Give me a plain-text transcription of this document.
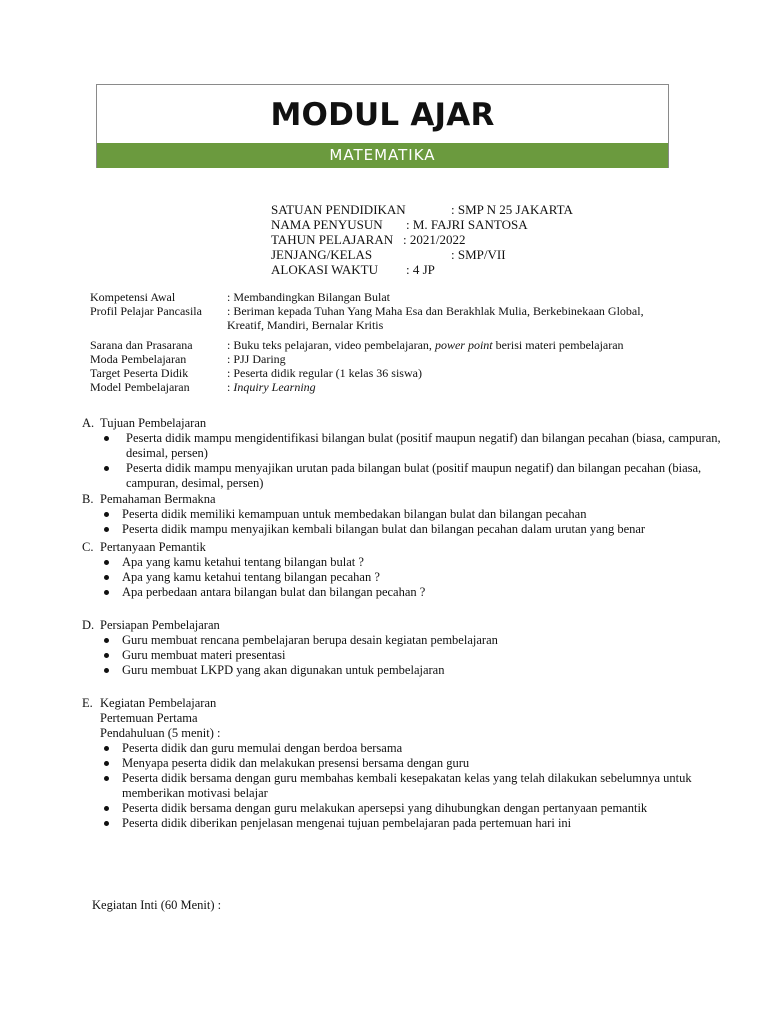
MODUL AJAR
MATEMATIKA
SATUAN PENDIDIKAN	: SMP N 25 JAKARTA
NAMA PENYUSUN : M. FAJRI SANTOSA
TAHUN PELAJARAN : 2021/2022
JENJANG/KELAS	: SMP/VII
ALOKASI WAKTU : 4 JP
Kompetensi Awal	: Membandingkan Bilangan Bulat
Profil Pelajar Pancasila	: Beriman kepada Tuhan Yang Maha Esa dan Berakhlak Mulia, Berkebinekaan Global,
Kreatif, Mandiri, Bernalar Kritis
Sarana dan Prasarana	: Buku teks pelajaran, video pembelajaran, power point berisi materi pembelajaran
Moda Pembelajaran	: PJJ Daring
Target Peserta Didik	: Peserta didik regular (1 kelas 36 siswa)
Model Pembelajaran	: Inquiry Learning
A. Tujuan Pembelajaran
Peserta didik mampu mengidentifikasi bilangan bulat (positif maupun negatif) dan bilangan pecahan (biasa, campuran, desimal, persen)
Peserta didik mampu menyajikan urutan pada bilangan bulat (positif maupun negatif) dan bilangan pecahan (biasa, campuran, desimal, persen)
B. Pemahaman Bermakna
Peserta didik memiliki kemampuan untuk membedakan bilangan bulat dan bilangan pecahan
Peserta didik mampu menyajikan kembali bilangan bulat dan bilangan pecahan dalam urutan yang benar
C. Pertanyaan Pemantik
Apa yang kamu ketahui tentang bilangan bulat ?
Apa yang kamu ketahui tentang bilangan pecahan ?
Apa perbedaan antara bilangan bulat dan bilangan pecahan ?
D. Persiapan Pembelajaran
Guru membuat rencana pembelajaran berupa desain kegiatan pembelajaran
Guru membuat materi presentasi
Guru membuat LKPD yang akan digunakan untuk pembelajaran
E. Kegiatan Pembelajaran
Pertemuan Pertama
Pendahuluan (5 menit) :
Peserta didik dan guru memulai dengan berdoa bersama
Menyapa peserta didik dan melakukan presensi bersama dengan guru
Peserta didik bersama dengan guru membahas kembali kesepakatan kelas yang telah dilakukan sebelumnya untuk memberikan motivasi belajar
Peserta didik bersama dengan guru melakukan apersepsi yang dihubungkan dengan pertanyaan pemantik
Peserta didik diberikan penjelasan mengenai tujuan pembelajaran pada pertemuan hari ini
Kegiatan Inti (60 Menit) :
